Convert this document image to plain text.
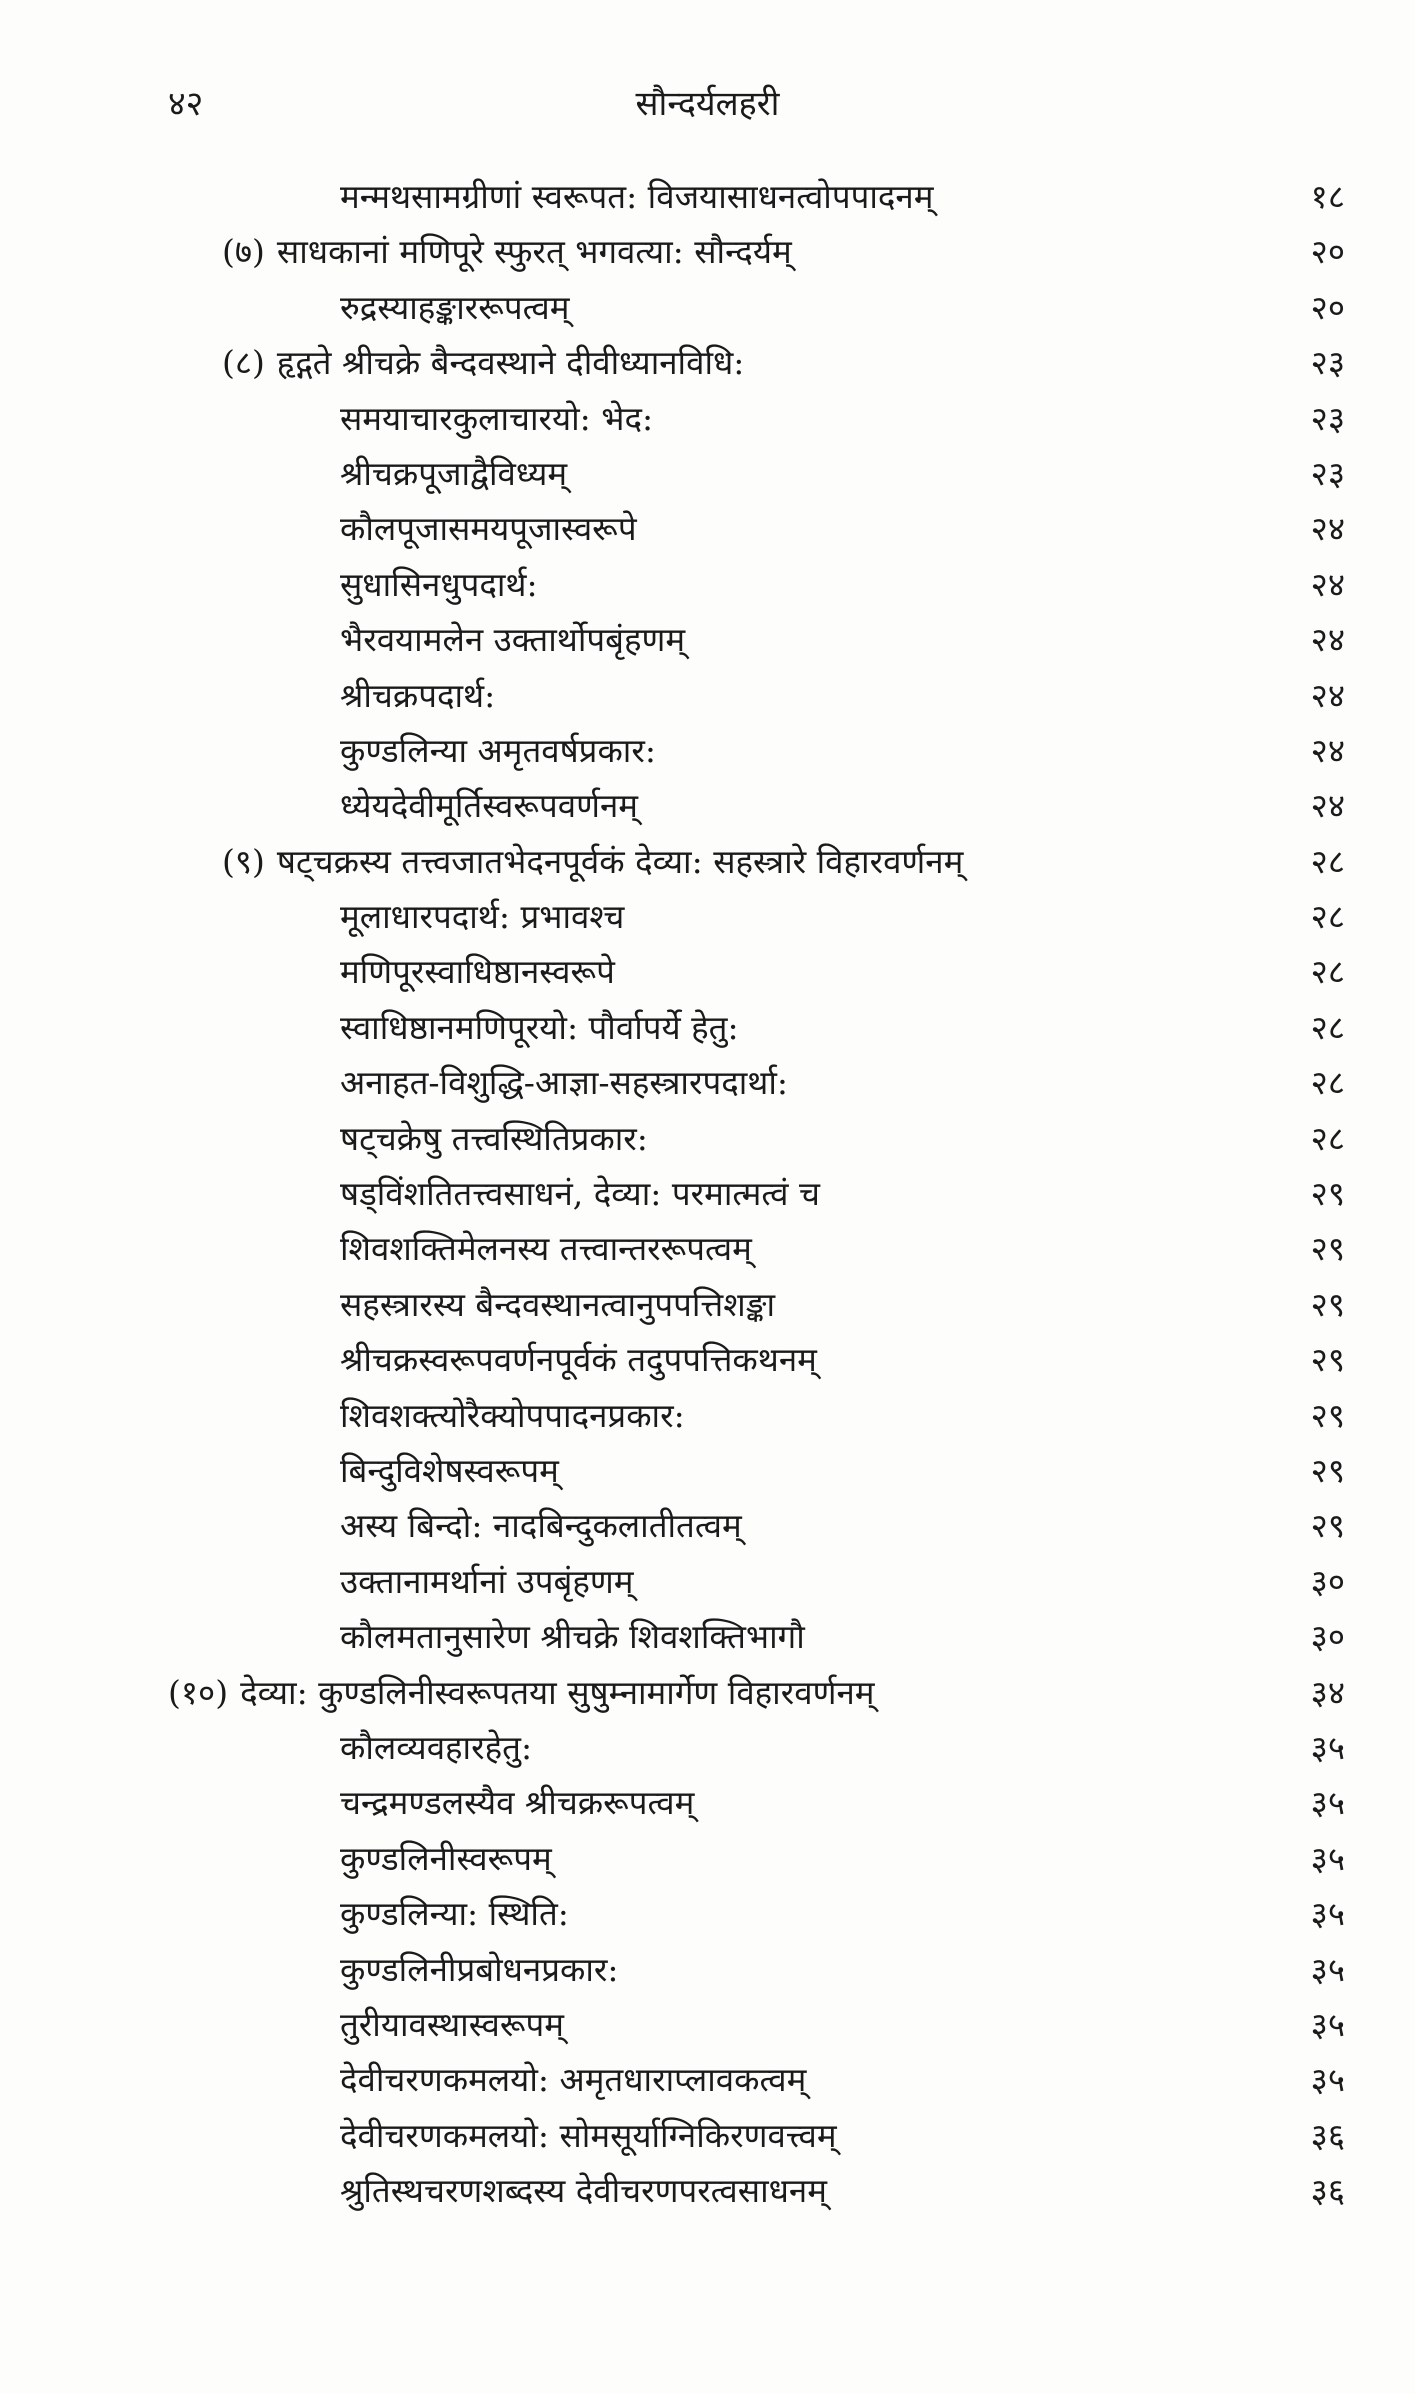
४२	सौन्दर्यलहरी
मन्मथसामग्रीणां स्वरूपत: विजयासाधनत्वोपपादनम्	१८
(७) साधकानां मणिपूरे स्फुरत् भगवत्या: सौन्दर्यम्	२०
रुद्रस्याहङ्काररूपत्वम्	२०
(८) हृद्गते श्रीचक्रे बैन्दवस्थाने दीवीध्यानविधि:	२३
समयाचारकुलाचारयो: भेद:	२३
श्रीचक्रपूजाद्वैविध्यम्	२३
कौलपूजासमयपूजास्वरूपे	२४
सुधासिनधुपदार्थ:	२४
भैरवयामलेन उक्तार्थोपबृंहणम्	२४
श्रीचक्रपदार्थ:	२४
कुण्डलिन्या अमृतवर्षप्रकार:	२४
ध्येयदेवीमूर्तिस्वरूपवर्णनम्	२४
(९) षट्चक्रस्य तत्त्वजातभेदनपूर्वकं देव्या: सहस्त्रारे विहारवर्णनम्	२८
मूलाधारपदार्थ: प्रभावश्च	२८
मणिपूरस्वाधिष्ठानस्वरूपे	२८
स्वाधिष्ठानमणिपूरयो: पौर्वापर्ये हेतु:	२८
अनाहत-विशुद्धि-आज्ञा-सहस्त्रारपदार्था:	२८
षट्चक्रेषु तत्त्वस्थितिप्रकार:	२८
षड्विंशतितत्त्वसाधनं, देव्या: परमात्मत्वं च	२९
शिवशक्तिमेलनस्य तत्त्वान्तररूपत्वम्	२९
सहस्त्रारस्य बैन्दवस्थानत्वानुपपत्तिशङ्का	२९
श्रीचक्रस्वरूपवर्णनपूर्वकं तदुपपत्तिकथनम्	२९
शिवशक्त्योरैक्योपपादनप्रकार:	२९
बिन्दुविशेषस्वरूपम्	२९
अस्य बिन्दो: नादबिन्दुकलातीतत्वम्	२९
उक्तानामर्थानां उपबृंहणम्	३०
कौलमतानुसारेण श्रीचक्रे शिवशक्तिभागौ	३०
(१०) देव्या: कुण्डलिनीस्वरूपतया सुषुम्नामार्गेण विहारवर्णनम्	३४
कौलव्यवहारहेतु:	३५
चन्द्रमण्डलस्यैव श्रीचक्ररूपत्वम्	३५
कुण्डलिनीस्वरूपम्	३५
कुण्डलिन्या: स्थिति:	३५
कुण्डलिनीप्रबोधनप्रकार:	३५
तुरीयावस्थास्वरूपम्	३५
देवीचरणकमलयो: अमृतधाराप्लावकत्वम्	३५
देवीचरणकमलयो: सोमसूर्याग्निकिरणवत्त्वम्	३६
श्रुतिस्थचरणशब्दस्य देवीचरणपरत्वसाधनम्	३६
